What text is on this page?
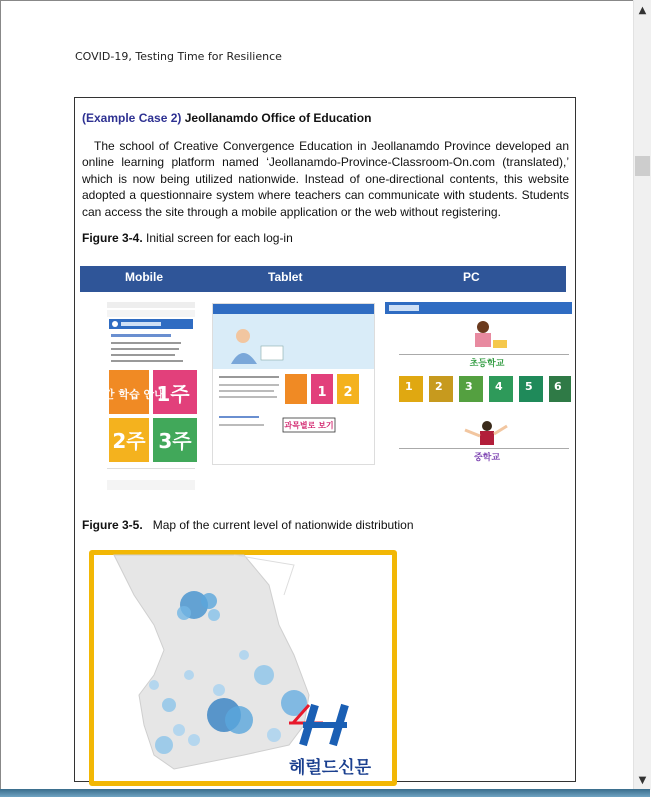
▲
▼
COVID-19, Testing Time for Resilience
(Example Case 2) Jeollanamdo Office of Education
The school of Creative Convergence Education in Jeollanamdo Province developed an online learning platform named ‘Jeollanamdo-Province-Classroom-On.com (translated),’ which is now being utilized nationwide. Instead of one-directional contents, this website adopted a questionnaire system where teachers can communicate with students. Students can access the site through a mobile application or the web without registering.
Figure 3-4. Initial screen for each log-in
Mobile	Tablet	PC
주간 학습 안내
1주
2주 3주
1 2
과목별로 보기
초등학교
1 2 3 4 5 6
중학교
Figure 3-5. Map of the current level of nationwide distribution
헤럴드신문
